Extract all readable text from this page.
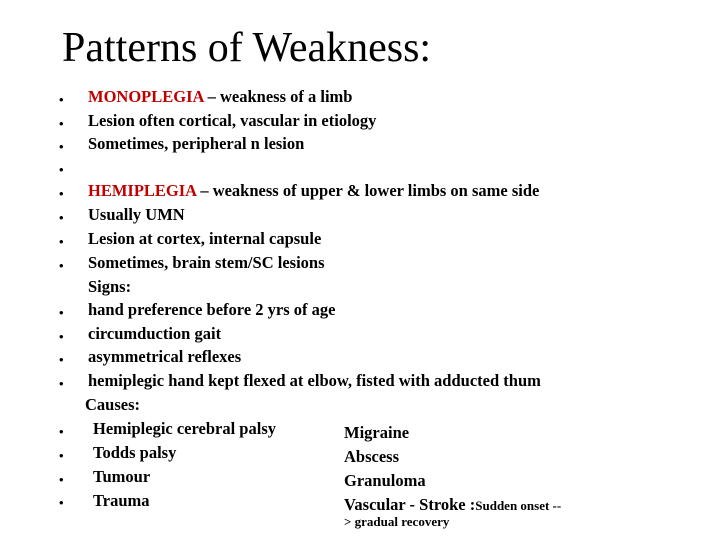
Patterns of Weakness:
•
•
•
•
•
•
•
•
•
•
•
•
•
•
•
•
MONOPLEGIA – weakness of a limb
Lesion often cortical, vascular in etiology
Sometimes, peripheral n lesion
HEMIPLEGIA – weakness of upper & lower limbs on same side
Usually UMN
Lesion at cortex, internal capsule
Sometimes, brain stem/SC lesions
Signs:
hand preference before 2 yrs of age
circumduction gait
asymmetrical reflexes
hemiplegic hand kept flexed at elbow, fisted with adducted thum
Causes:
Hemiplegic cerebral palsy
Todds palsy
Tumour
Trauma
Migraine
Abscess
Granuloma
Vascular - Stroke :Sudden onset --
> gradual recovery
